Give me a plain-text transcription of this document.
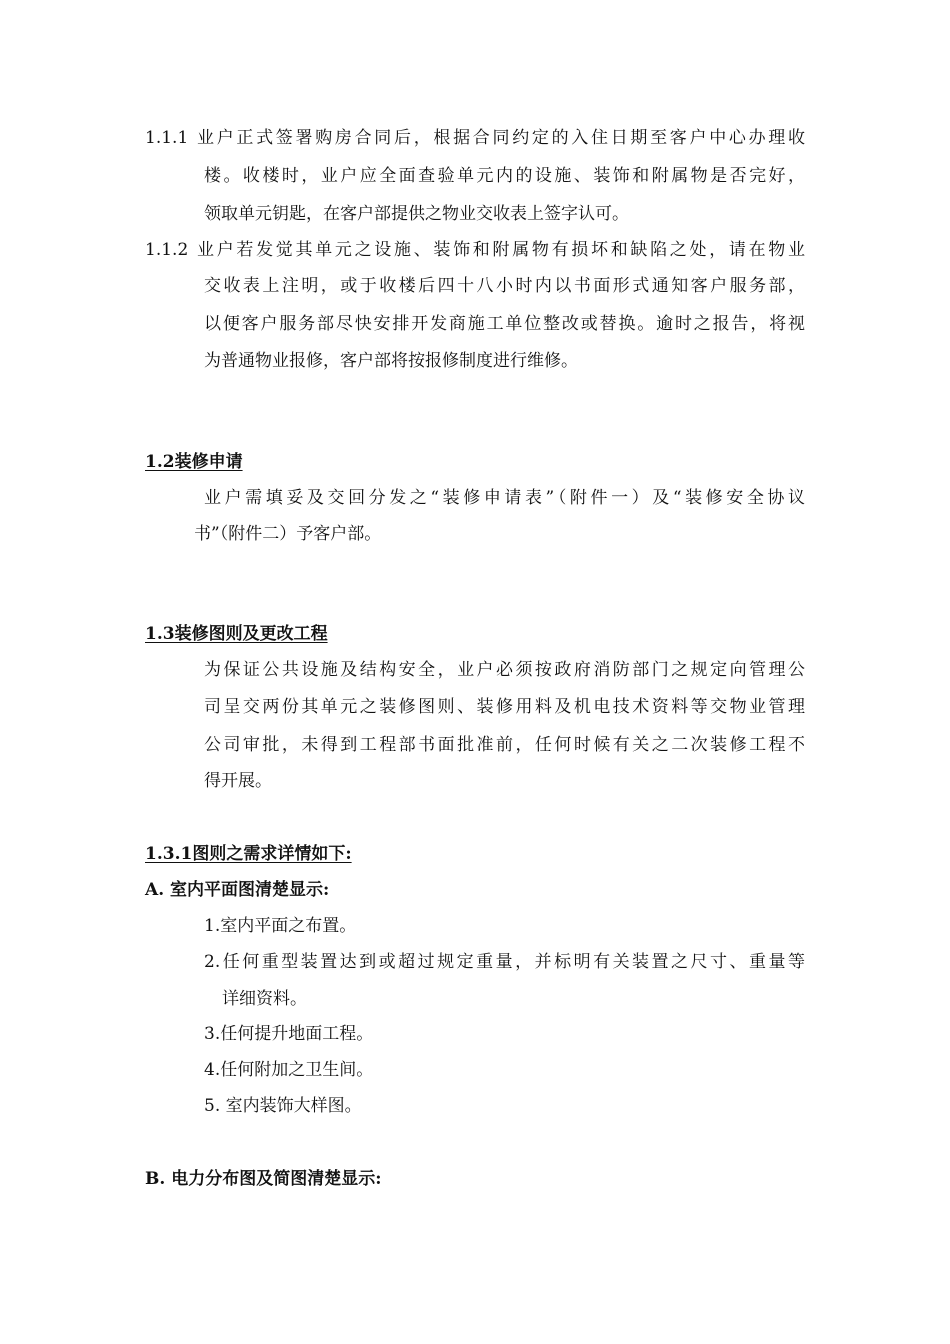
1.1.1 业户正式签署购房合同后，根据合同约定的入住日期至客户中心办理收
楼。收楼时，业户应全面查验单元内的设施、装饰和附属物是否完好，
领取单元钥匙，在客户部提供之物业交收表上签字认可。
1.1.2 业户若发觉其单元之设施、装饰和附属物有损坏和缺陷之处，请在物业
交收表上注明，或于收楼后四十八小时内以书面形式通知客户服务部，
以便客户服务部尽快安排开发商施工单位整改或替换。逾时之报告，将视
为普通物业报修，客户部将按报修制度进行维修。
1.2装修申请
业户需填妥及交回分发之“装修申请表”（附件一）及“装修安全协议
书”（附件二）予客户部。
1.3装修图则及更改工程
为保证公共设施及结构安全，业户必须按政府消防部门之规定向管理公
司呈交两份其单元之装修图则、装修用料及机电技术资料等交物业管理
公司审批，未得到工程部书面批准前，任何时候有关之二次装修工程不
得开展。
1.3.1图则之需求详情如下:
A. 室内平面图清楚显示:
1.室内平面之布置。
2.任何重型装置达到或超过规定重量，并标明有关装置之尺寸、重量等
详细资料。
3.任何提升地面工程。
4.任何附加之卫生间。
5. 室内装饰大样图。
B. 电力分布图及简图清楚显示:
